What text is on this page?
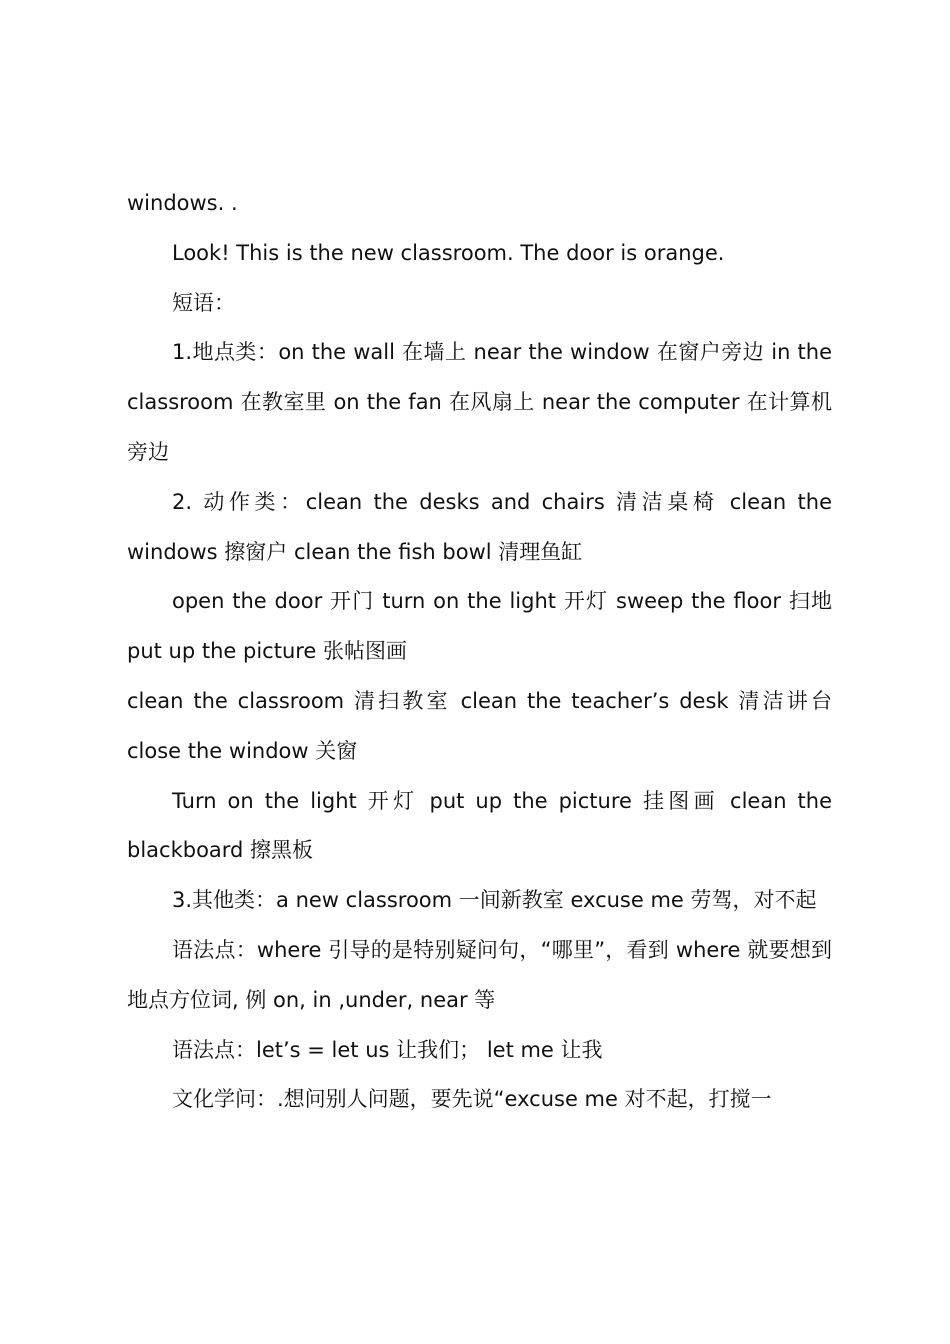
windows. .

Look! This is the new classroom. The door is orange.

短语：

1.地点类：on the wall 在墙上 near the window 在窗户旁边 in the classroom 在教室里 on the fan 在风扇上 near the computer 在计算机旁边

2. 动作类：clean the desks and chairs 清洁桌椅 clean the windows 擦窗户 clean the fish bowl 清理鱼缸

open the door 开门 turn on the light 开灯 sweep the floor 扫地 put up the picture 张帖图画

clean the classroom 清扫教室 clean the teacher’s desk 清洁讲台 close the window 关窗

Turn on the light 开灯 put up the picture 挂图画 clean the blackboard 擦黑板

3.其他类：a new classroom 一间新教室 excuse me 劳驾，对不起

语法点：where 引导的是特别疑问句，“哪里”，看到 where 就要想到地点方位词, 例 on, in ,under, near 等

语法点：let’s = let us 让我们； let me 让我

文化学问：.想问别人问题，要先说“excuse me 对不起，打搅一
